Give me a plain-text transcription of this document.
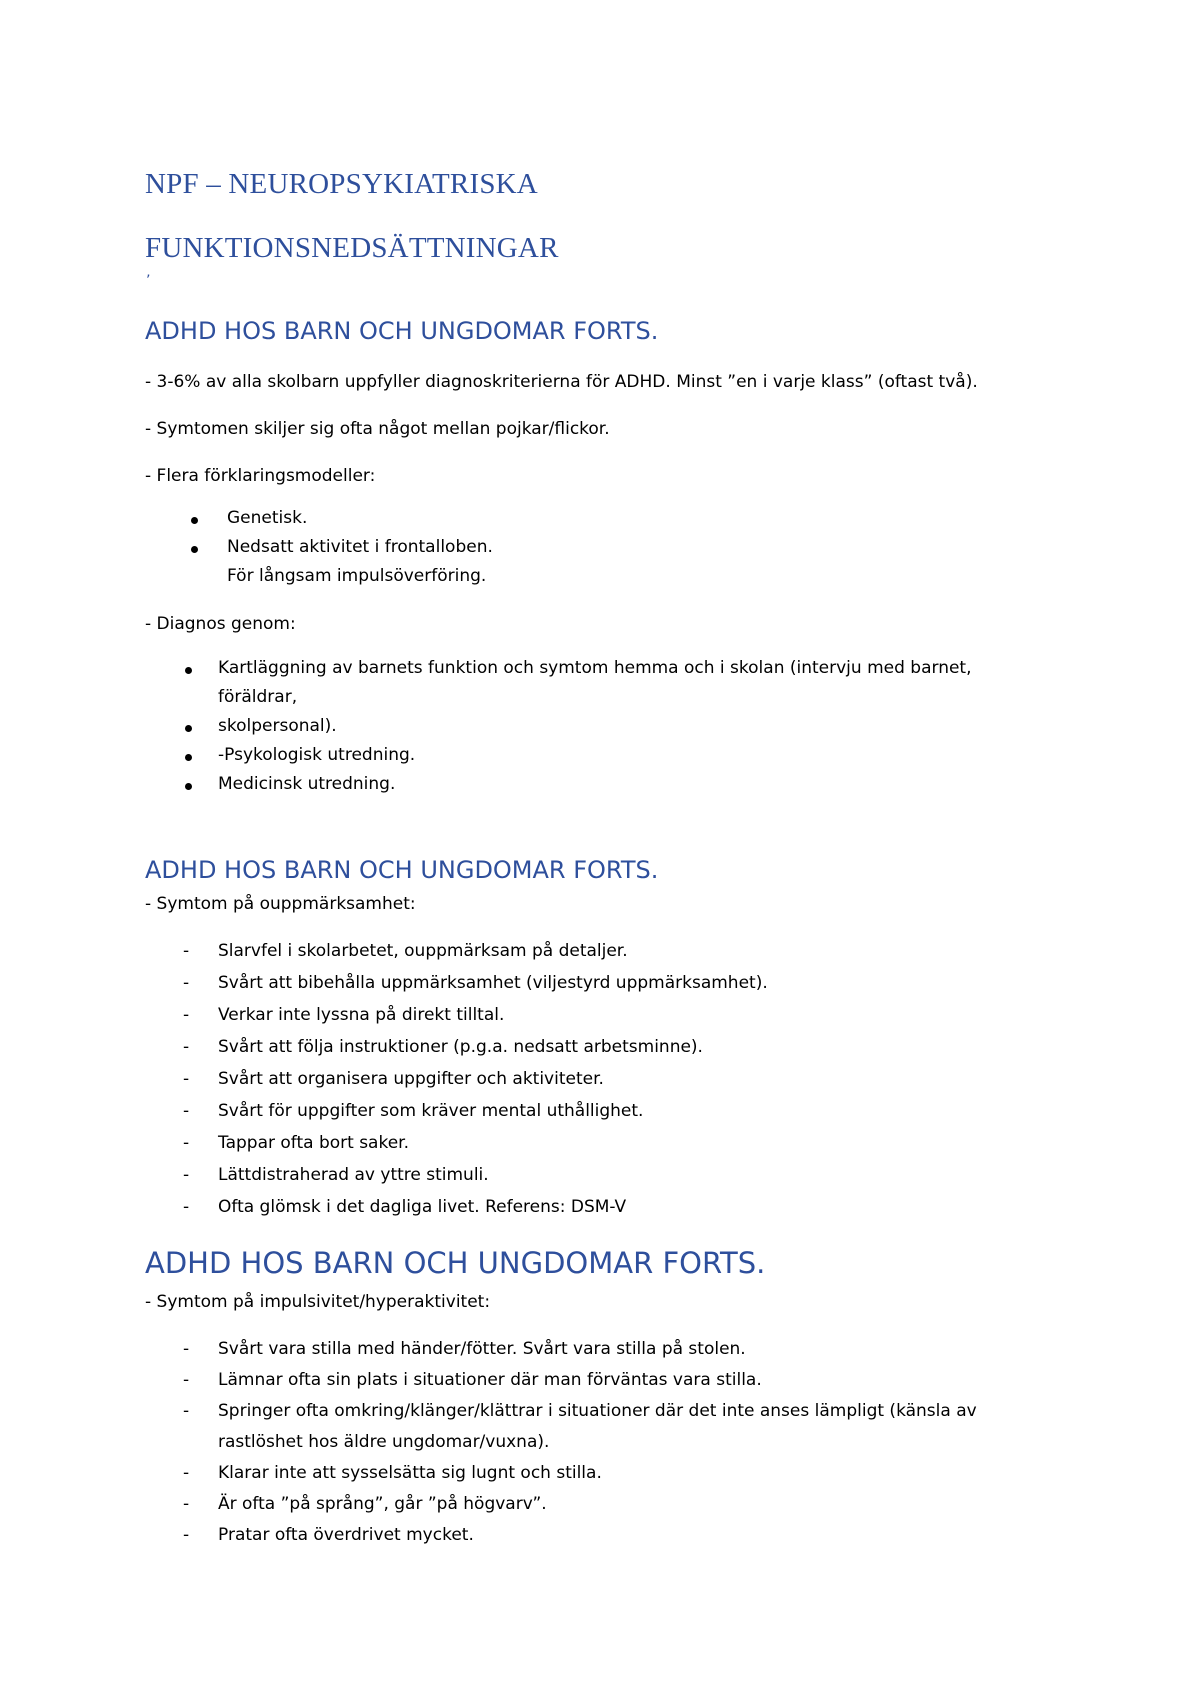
NPF – NEUROPSYKIATRISKA
FUNKTIONSNEDSÄTTNINGAR
’
ADHD HOS BARN OCH UNGDOMAR FORTS.
- 3-6% av alla skolbarn uppfyller diagnoskriterierna för ADHD. Minst ”en i varje klass” (oftast två).
- Symtomen skiljer sig ofta något mellan pojkar/flickor.
- Flera förklaringsmodeller:
Genetisk.
Nedsatt aktivitet i frontalloben.
För långsam impulsöverföring.
- Diagnos genom:
Kartläggning av barnets funktion och symtom hemma och i skolan (intervju med barnet,
föräldrar,
skolpersonal).
-Psykologisk utredning.
Medicinsk utredning.
ADHD HOS BARN OCH UNGDOMAR FORTS.
- Symtom på ouppmärksamhet:
- Slarvfel i skolarbetet, ouppmärksam på detaljer.
- Svårt att bibehålla uppmärksamhet (viljestyrd uppmärksamhet).
- Verkar inte lyssna på direkt tilltal.
- Svårt att följa instruktioner (p.g.a. nedsatt arbetsminne).
- Svårt att organisera uppgifter och aktiviteter.
- Svårt för uppgifter som kräver mental uthållighet.
- Tappar ofta bort saker.
- Lättdistraherad av yttre stimuli.
- Ofta glömsk i det dagliga livet. Referens: DSM-V
ADHD HOS BARN OCH UNGDOMAR FORTS.
- Symtom på impulsivitet/hyperaktivitet:
- Svårt vara stilla med händer/fötter. Svårt vara stilla på stolen.
- Lämnar ofta sin plats i situationer där man förväntas vara stilla.
- Springer ofta omkring/klänger/klättrar i situationer där det inte anses lämpligt (känsla av
rastlöshet hos äldre ungdomar/vuxna).
- Klarar inte att sysselsätta sig lugnt och stilla.
- Är ofta ”på språng”, går ”på högvarv”.
- Pratar ofta överdrivet mycket.
